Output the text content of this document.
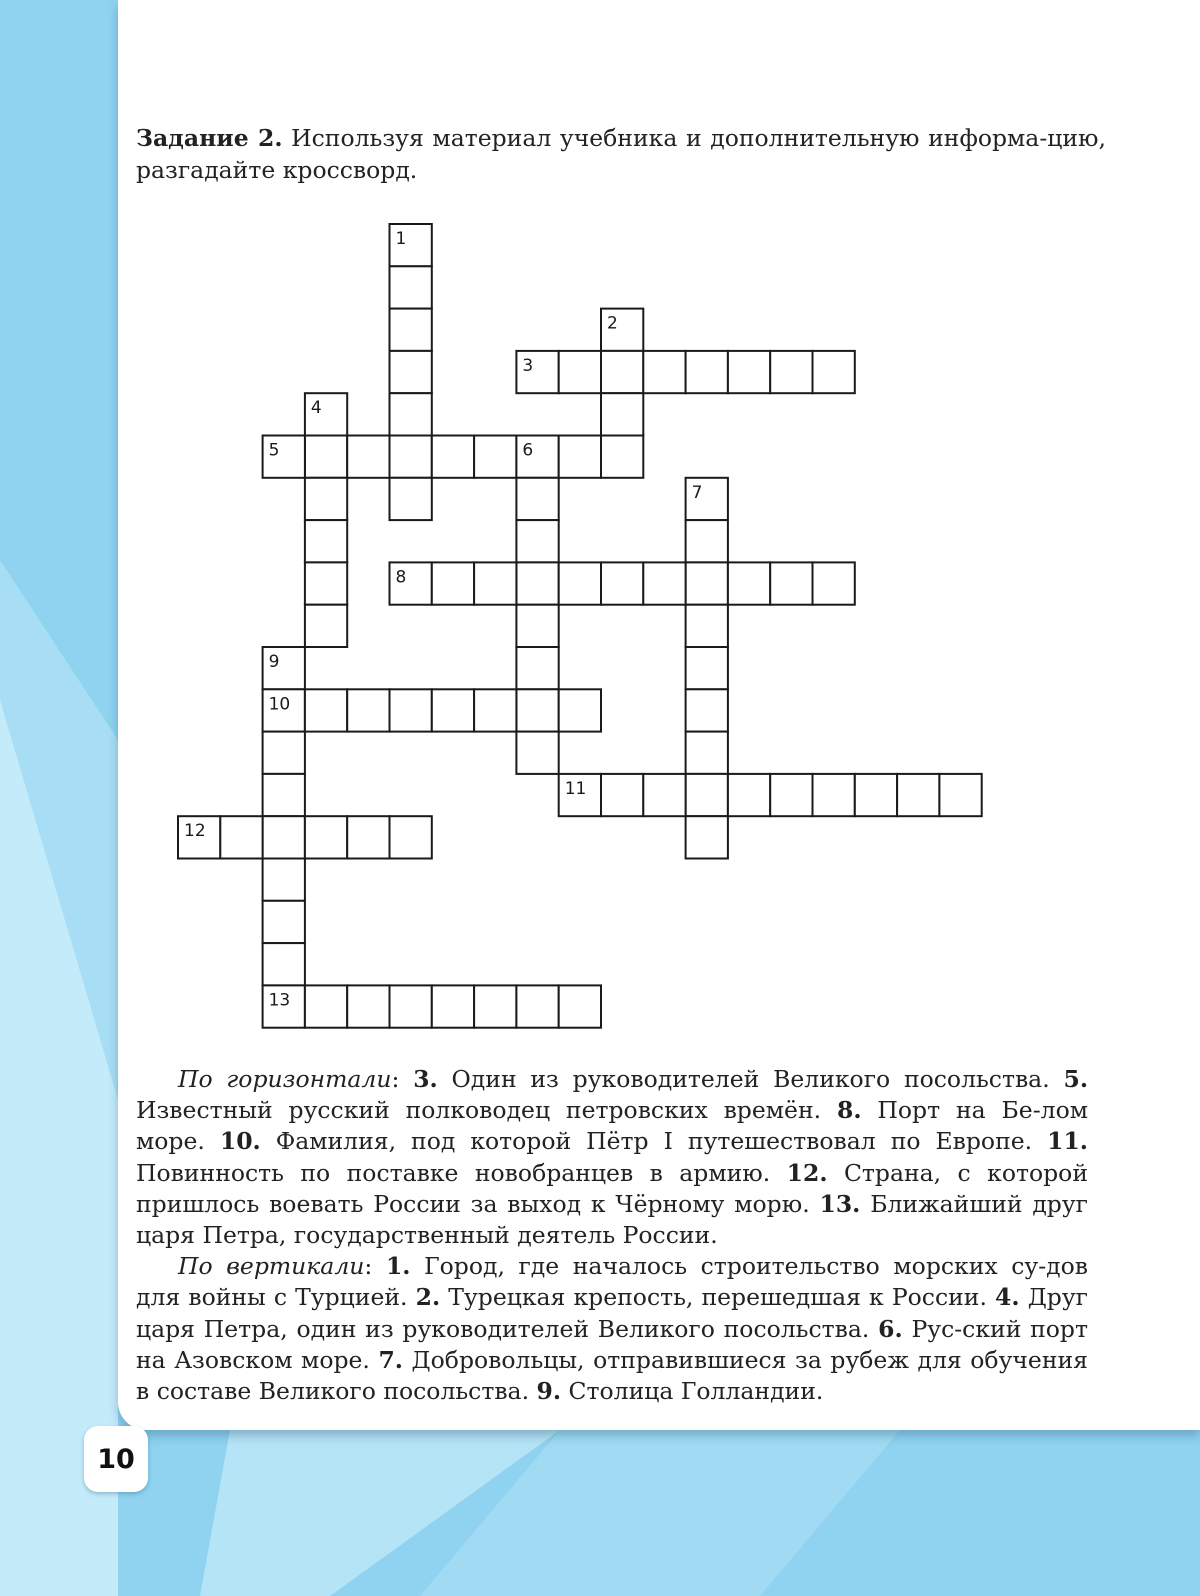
Задание 2. Используя материал учебника и дополнительную информа-цию, разгадайте кроссворд.

1
2
3
4
5	6
7
8
9
10
11
12
13

По горизонтали: 3. Один из руководителей Великого посольства. 5. Известный русский полководец петровских времён. 8. Порт на Бе-лом море. 10. Фамилия, под которой Пётр I путешествовал по Европе. 11. Повинность по поставке новобранцев в армию. 12. Страна, с которой пришлось воевать России за выход к Чёрному морю. 13. Ближайший друг царя Петра, государственный деятель России.

По вертикали: 1. Город, где началось строительство морских су-дов для войны с Турцией. 2. Турецкая крепость, перешедшая к России. 4. Друг царя Петра, один из руководителей Великого посольства. 6. Рус-ский порт на Азовском море. 7. Добровольцы, отправившиеся за рубеж для обучения в составе Великого посольства. 9. Столица Голландии.

10
